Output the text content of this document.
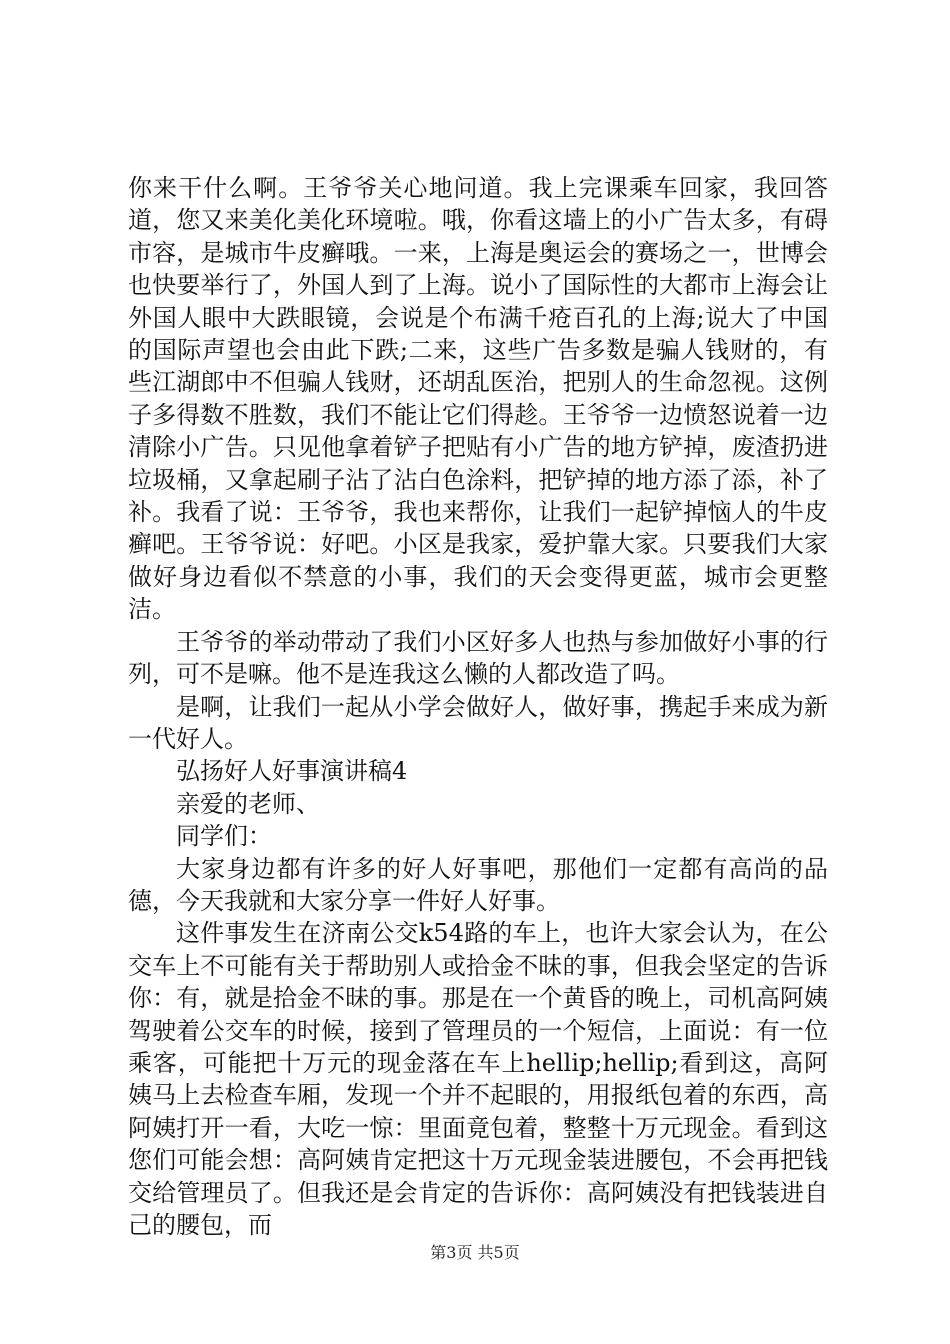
你来干什么啊。王爷爷关心地问道。我上完课乘车回家，我回答道，您又来美化美化环境啦。哦，你看这墙上的小广告太多，有碍市容，是城市牛皮癣哦。一来，上海是奥运会的赛场之一，世博会也快要举行了，外国人到了上海。说小了国际性的大都市上海会让外国人眼中大跌眼镜，会说是个布满千疮百孔的上海;说大了中国的国际声望也会由此下跌;二来，这些广告多数是骗人钱财的，有些江湖郎中不但骗人钱财，还胡乱医治，把别人的生命忽视。这例子多得数不胜数，我们不能让它们得趁。王爷爷一边愤怒说着一边清除小广告。只见他拿着铲子把贴有小广告的地方铲掉，废渣扔进垃圾桶，又拿起刷子沾了沾白色涂料，把铲掉的地方添了添，补了补。我看了说：王爷爷，我也来帮你，让我们一起铲掉恼人的牛皮癣吧。王爷爷说：好吧。小区是我家，爱护靠大家。只要我们大家做好身边看似不禁意的小事，我们的天会变得更蓝，城市会更整洁。

王爷爷的举动带动了我们小区好多人也热与参加做好小事的行列，可不是嘛。他不是连我这么懒的人都改造了吗。

是啊，让我们一起从小学会做好人，做好事，携起手来成为新一代好人。

弘扬好人好事演讲稿4

亲爱的老师、

同学们：

大家身边都有许多的好人好事吧，那他们一定都有高尚的品德，今天我就和大家分享一件好人好事。

这件事发生在济南公交k54路的车上，也许大家会认为，在公交车上不可能有关于帮助别人或拾金不昧的事，但我会坚定的告诉你：有，就是拾金不昧的事。那是在一个黄昏的晚上，司机高阿姨驾驶着公交车的时候，接到了管理员的一个短信，上面说：有一位乘客，可能把十万元的现金落在车上hellip;hellip;看到这，高阿姨马上去检查车厢，发现一个并不起眼的，用报纸包着的东西，高阿姨打开一看，大吃一惊：里面竟包着，整整十万元现金。看到这您们可能会想：高阿姨肯定把这十万元现金装进腰包，不会再把钱交给管理员了。但我还是会肯定的告诉你：高阿姨没有把钱装进自己的腰包，而

第3页 共5页
